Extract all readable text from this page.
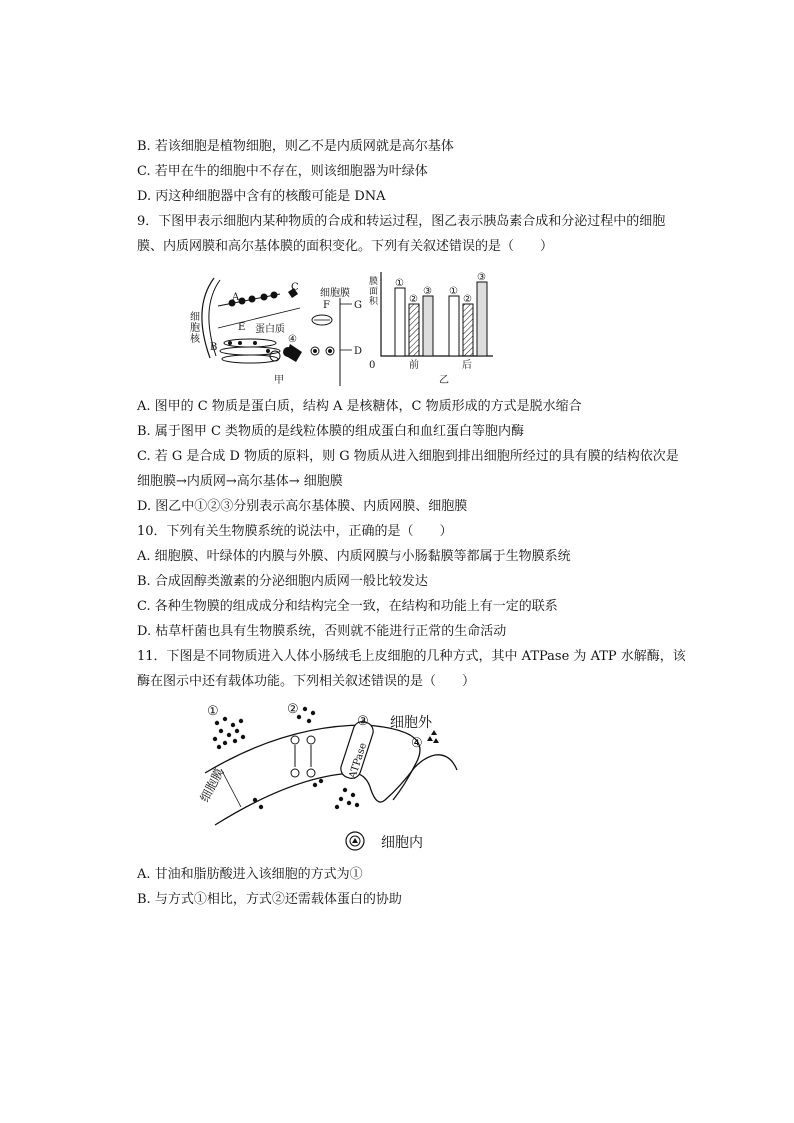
B. 若该细胞是植物细胞，则乙不是内质网就是高尔基体
C. 若甲在牛的细胞中不存在，则该细胞器为叶绿体
D. 丙这种细胞器中含有的核酸可能是 DNA
9．下图甲表示细胞内某种物质的合成和转运过程，图乙表示胰岛素合成和分泌过程中的细胞
膜、内质网膜和高尔基体膜的面积变化。下列有关叙述错误的是（　　）
A
B
C
D
E
F G
细
胞
核
细胞膜
蛋白质
④
甲
0
膜
面
积
①
②
③ ①
②
③
前	后
乙
A. 图甲的 C 物质是蛋白质，结构 A 是核糖体，C 物质形成的方式是脱水缩合
B. 属于图甲 C 类物质的是线粒体膜的组成蛋白和血红蛋白等胞内酶
C. 若 G 是合成 D 物质的原料，则 G 物质从进入细胞到排出细胞所经过的具有膜的结构依次是
细胞膜→内质网→高尔基体→ 细胞膜
D. 图乙中①②③分别表示高尔基体膜、内质网膜、细胞膜
10．下列有关生物膜系统的说法中，正确的是（　　）
A. 细胞膜、叶绿体的内膜与外膜、内质网膜与小肠黏膜等都属于生物膜系统
B. 合成固醇类激素的分泌细胞内质网一般比较发达
C. 各种生物膜的组成成分和结构完全一致，在结构和功能上有一定的联系
D. 枯草杆菌也具有生物膜系统，否则就不能进行正常的生命活动
11．下图是不同物质进入人体小肠绒毛上皮细胞的几种方式，其中 ATPase 为 ATP 水解酶，该
酶在图示中还有载体功能。下列相关叙述错误的是（　　）
ATPase
①	②
③
④
细胞外
细胞内
细胞膜
A. 甘油和脂肪酸进入该细胞的方式为①
B. 与方式①相比，方式②还需载体蛋白的协助
